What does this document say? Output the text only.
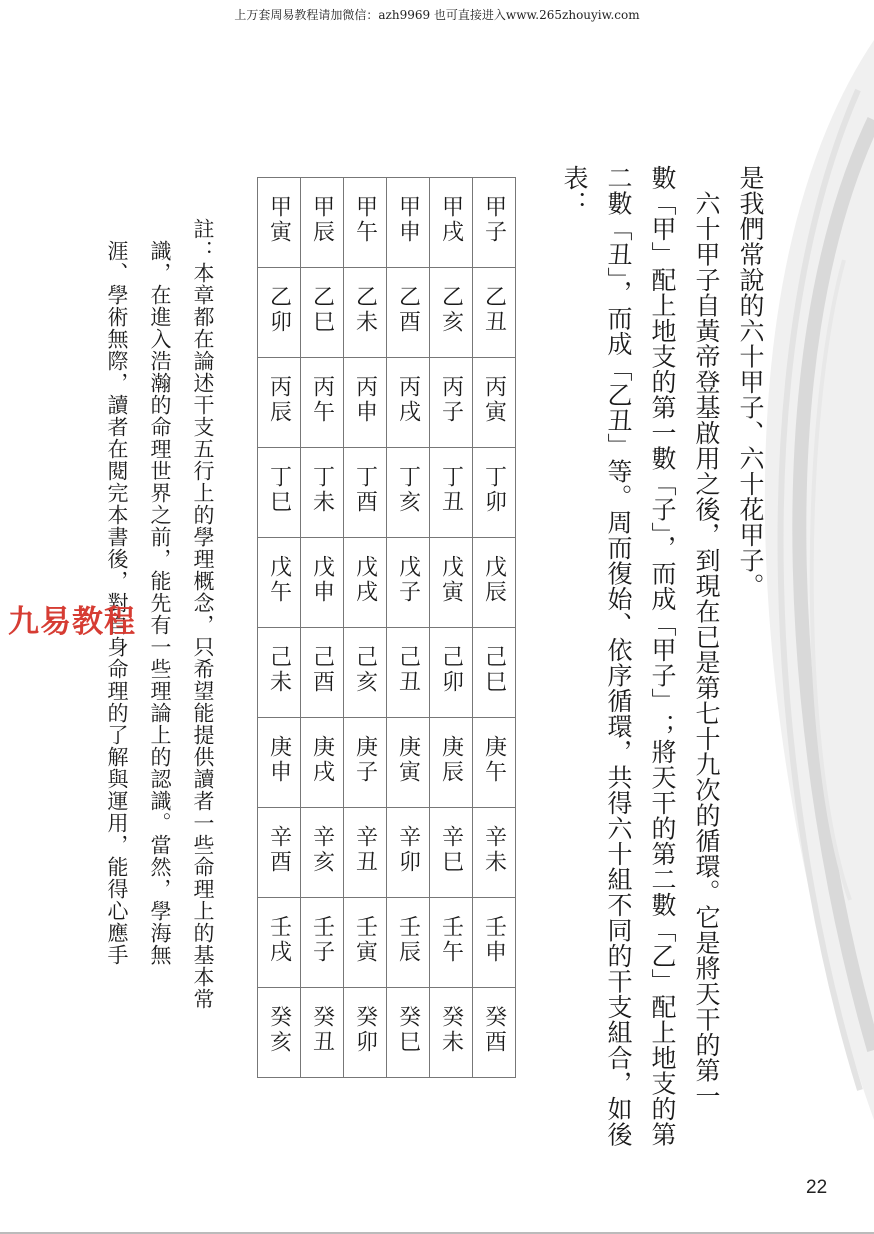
上万套周易教程请加微信：azh9969 也可直接进入www.265zhouyiw.com
是我們常說的六十甲子、六十花甲子。
　六十甲子自黃帝登基啟用之後，到現在已是第七十九次的循環。它是將天干的第一
數「甲」配上地支的第一數「子」，而成「甲子」；將天干的第二數「乙」配上地支的第
二數「丑」，而成「乙丑」等。周而復始、依序循環，共得六十組不同的干支組合，如後
表：
甲寅	甲辰	甲午	甲申	甲戌	甲子
乙卯	乙巳	乙未	乙酉	乙亥	乙丑
丙辰	丙午	丙申	丙戌	丙子	丙寅
丁巳	丁未	丁酉	丁亥	丁丑	丁卯
戊午	戊申	戊戌	戊子	戊寅	戊辰
己未	己酉	己亥	己丑	己卯	己巳
庚申	庚戌	庚子	庚寅	庚辰	庚午
辛酉	辛亥	辛丑	辛卯	辛巳	辛未
壬戌	壬子	壬寅	壬辰	壬午	壬申
癸亥	癸丑	癸卯	癸巳	癸未	癸酉
註：本章都在論述干支五行上的學理概念，只希望能提供讀者一些命理上的基本常
　識，在進入浩瀚的命理世界之前，能先有一些理論上的認識。當然，學海無
　涯、學術無際，讀者在閱完本書後，對自身命理的了解與運用，能得心應手
九易教程
22
